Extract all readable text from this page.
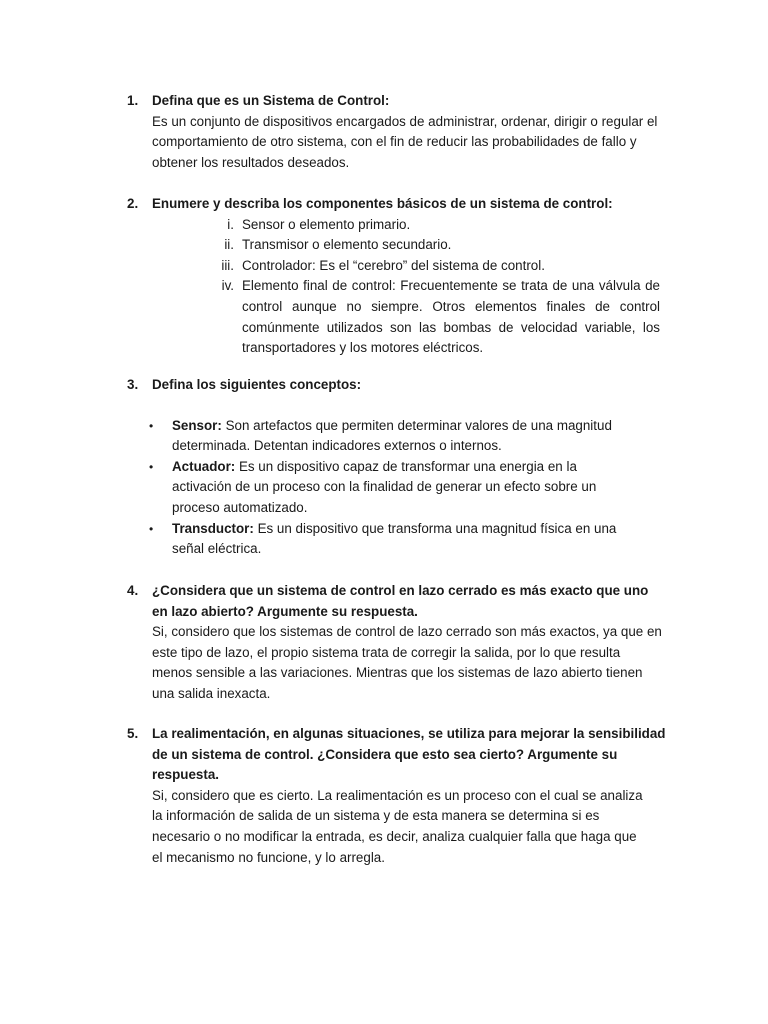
1. Defina que es un Sistema de Control:
Es un conjunto de dispositivos encargados de administrar, ordenar, dirigir o regular el comportamiento de otro sistema, con el fin de reducir las probabilidades de fallo y obtener los resultados deseados.
2. Enumere y describa los componentes básicos de un sistema de control:
i. Sensor o elemento primario.
ii. Transmisor o elemento secundario.
iii. Controlador: Es el “cerebro” del sistema de control.
iv. Elemento final de control: Frecuentemente se trata de una válvula de control aunque no siempre. Otros elementos finales de control comúnmente utilizados son las bombas de velocidad variable, los transportadores y los motores eléctricos.
3. Defina los siguientes conceptos:
• Sensor: Son artefactos que permiten determinar valores de una magnitud determinada. Detentan indicadores externos o internos.
• Actuador: Es un dispositivo capaz de transformar una energia en la activación de un proceso con la finalidad de generar un efecto sobre un proceso automatizado.
• Transductor: Es un dispositivo que transforma una magnitud física en una señal eléctrica.
4. ¿Considera que un sistema de control en lazo cerrado es más exacto que uno en lazo abierto? Argumente su respuesta.
Si, considero que los sistemas de control de lazo cerrado son más exactos, ya que en este tipo de lazo, el propio sistema trata de corregir la salida, por lo que resulta menos sensible a las variaciones. Mientras que los sistemas de lazo abierto tienen una salida inexacta.
5. La realimentación, en algunas situaciones, se utiliza para mejorar la sensibilidad de un sistema de control. ¿Considera que esto sea cierto? Argumente su respuesta.
Si, considero que es cierto. La realimentación es un proceso con el cual se analiza la información de salida de un sistema y de esta manera se determina si es necesario o no modificar la entrada, es decir, analiza cualquier falla que haga que el mecanismo no funcione, y lo arregla.
